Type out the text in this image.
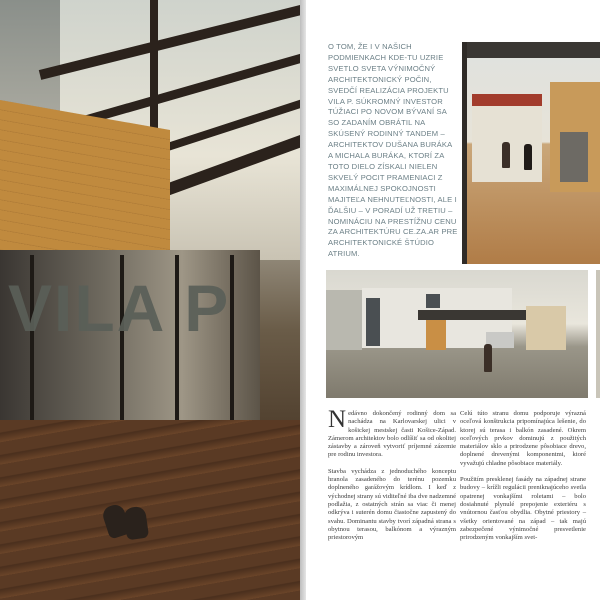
VILA P
O TOM, ŽE I V NAŠICH PODMIENKACH KDE-TU UZRIE SVETLO SVETA VÝNIMOČNÝ ARCHITEKTONICKÝ POČIN, SVEDČÍ REALIZÁCIA PROJEKTU VILA P. SÚKROMNÝ INVESTOR TÚŽIACI PO NOVOM BÝVANÍ SA SO ZADANÍM OBRÁTIL NA SKÚSENÝ RODINNÝ TANDEM – ARCHITEKTOV DUŠANA BURÁKA A MICHALA BURÁKA, KTORÍ ZA TOTO DIELO ZÍSKALI NIELEN SKVELÝ POCIT PRAMENIACI Z MAXIMÁLNEJ SPOKOJNOSTI MAJITEĽA NEHNUTEĽNOSTI, ALE I ĎALŠIU – V PORADÍ UŽ TRETIU – NOMINÁCIU NA PRESTÍŽNU CENU ZA ARCHITEKTÚRU CE.ZA.AR PRE ARCHITEKTONICKÉ ŠTÚDIO ATRIUM.

Nedávno dokončený rodinný dom sa nachádza na Karlovarskej ulici v košickej mestskej časti Košice-Západ. Zámerom architektov bolo odlíšiť sa od okolitej zástavby a zároveň vytvoriť príjemné zázemie pre rodinu investora.

Stavba vychádza z jednoduchého konceptu hranola zasadeného do terénu pozemku doplneného garážovým krídlom. I keď z východnej strany sú viditeľné iba dve nadzemné podlažia, z ostatných strán sa viac či menej odkrýva i suterén domu čiastočne zapustený do svahu. Dominantu stavby tvorí západná strana s obytnou terasou, balkónom a výrazným priestorovým

Celú túto stranu domu podporuje výrazná oceľová konštrukcia pripomínajúca lešenie, do ktorej sú terasa i balkón zasadené. Okrem oceľových prvkov dominujú z použitých materiálov sklo a prirodzene pôsobiace drevo, doplnené drevenými komponentmi, ktoré vyvažujú chladne pôsobiace materiály.

Použitím presklenej fasády na západnej strane budovy – krížli regulácii preniknajúceho svetla opatrenej vonkajšími roletami – bolo dosiahnuté plynulé prepojenie exteriéru s vnútornou časťou obydlia. Obytné priestory – všetky orientované na západ – tak majú zabezpečené výnimočné presvetlenie prirodzeným vonkajším svet-
